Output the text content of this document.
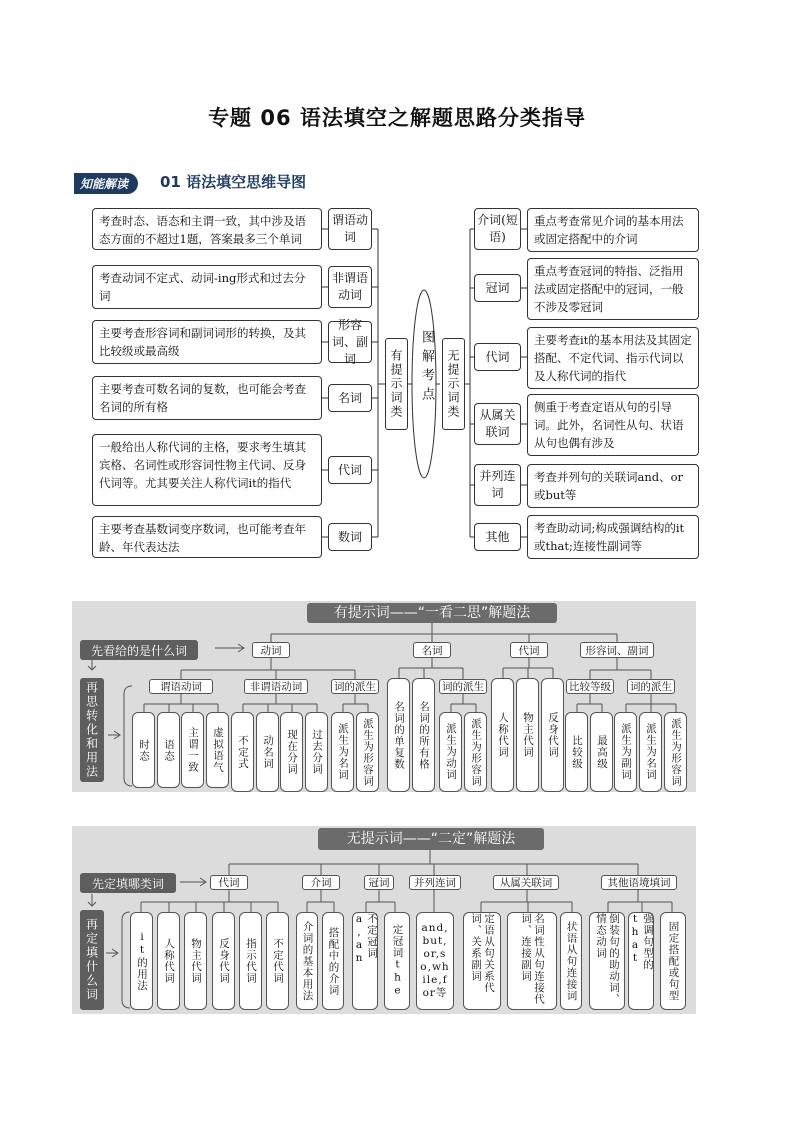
专题 06 语法填空之解题思路分类指导
知能解读	01 语法填空思维导图
考查时态、语态和主谓一致，其中涉及语态方面的不超过1题，答案最多三个单词
考查动词不定式、动词-ing形式和过去分词
主要考查形容词和副词词形的转换，及其比较级或最高级
主要考查可数名词的复数，也可能会考查名词的所有格
一般给出人称代词的主格，要求考生填其宾格、名词性或形容词性物主代词、反身代词等。尤其要关注人称代词it的指代
主要考查基数词变序数词，也可能考查年龄、年代表达法
谓语动词
非谓语动词
形容词、副词
名词
代词
数词
有提示词类	图解考点	无提示词类
介词(短语)
冠词
代词
从属关联词
并列连词
其他
重点考查常见介词的基本用法或固定搭配中的介词
重点考查冠词的特指、泛指用法或固定搭配中的冠词，一般不涉及零冠词
主要考查it的基本用法及其固定搭配、不定代词、指示代词以及人称代词的指代
侧重于考查定语从句的引导词。此外，名词性从句、状语从句也偶有涉及
考查并列句的关联词and、or或but等
考查助动词;构成强调结构的it或that;连接性副词等
有提示词——“一看二思”解题法
先看给的是什么词
再思转化和用法
动词	名词	代词	形容词、副词
谓语动词	非谓语动词	词的派生	词的派生	比较等级 词的派生
时态	语态	主谓一致	虚拟语气	不定式	动名词	现在分词	过去分词	派生为名词	派生为形容词	名词的单复数	名词的所有格	派生为动词	派生为形容词	人称代词	物主代词	反身代词	比较级	最高级	派生为副词	派生为名词	派生为形容词
无提示词——“二定”解题法
先定填哪类词
再定填什么词
代词	介词	冠词	并列连词	从属关联词	其他语境填词
it的用法	人称代词	物主代词	反身代词	指示代词	不定代词	介词的基本用法	搭配中的介词	不定冠词a,an	定冠词the	and,but,or,so,while,for等	定语从句关系代词、关系副词	名词性从句连接代词、连接副词	状语从句连接词	倒装句的助动词、情态动词	强调句型的that	固定搭配或句型
